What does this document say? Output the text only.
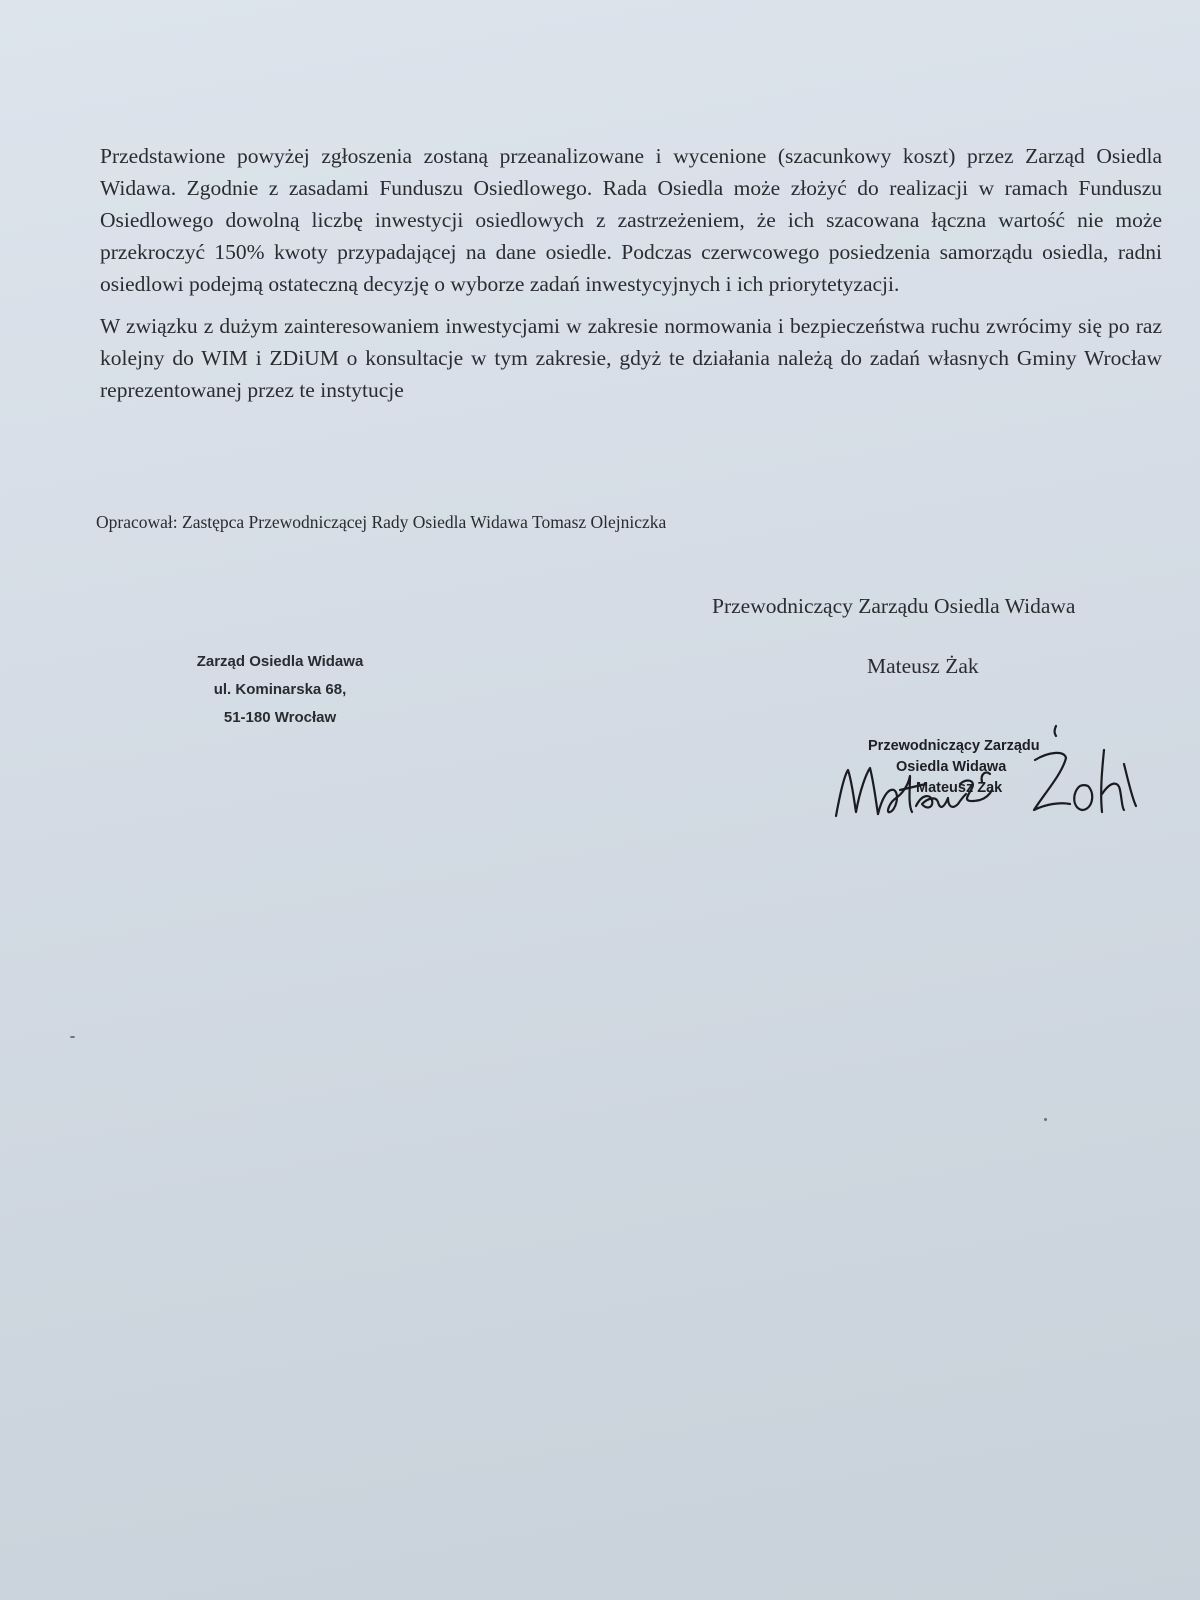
Przedstawione powyżej zgłoszenia zostaną przeanalizowane i wycenione (szacunkowy koszt) przez Zarząd Osiedla Widawa. Zgodnie z zasadami Funduszu Osiedlowego. Rada Osiedla może złożyć do realizacji w ramach Funduszu Osiedlowego dowolną liczbę inwestycji osiedlowych z zastrzeżeniem, że ich szacowana łączna wartość nie może przekroczyć 150% kwoty przypadającej na dane osiedle. Podczas czerwcowego posiedzenia samorządu osiedla, radni osiedlowi podejmą ostateczną decyzję o wyborze zadań inwestycyjnych i ich priorytetyzacji.

W związku z dużym zainteresowaniem inwestycjami w zakresie normowania i bezpieczeństwa ruchu zwrócimy się po raz kolejny do WIM i ZDiUM o konsultacje w tym zakresie, gdyż te działania należą do zadań własnych Gminy Wrocław reprezentowanej przez te instytucje

Opracował: Zastępca Przewodniczącej Rady Osiedla Widawa Tomasz Olejniczka
Przewodniczący Zarządu Osiedla Widawa
Mateusz Żak
Zarząd Osiedla Widawa
ul. Kominarska 68,
51-180 Wrocław
Przewodniczący Zarządu
Osiedla Widawa
Mateusz Żak
